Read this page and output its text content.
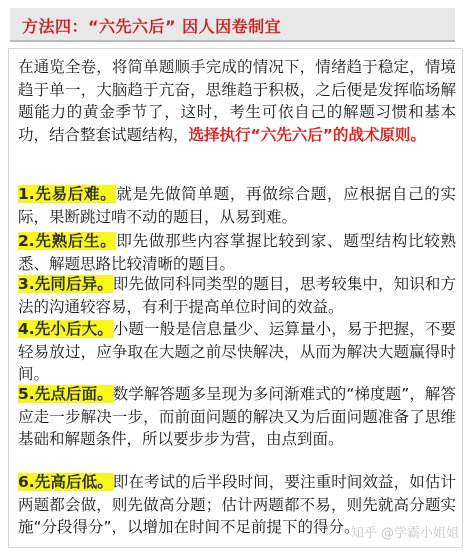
方法四：“六先六后” 因人因卷制宜
在通览全卷，将简单题顺手完成的情况下，情绪趋于稳定，情境趋于单一，大脑趋于亢奋，思维趋于积极，之后便是发挥临场解题能力的黄金季节了，这时，考生可依自己的解题习惯和基本功，结合整套试题结构，选择执行“六先六后”的战术原则。
1.先易后难。就是先做简单题，再做综合题，应根据自己的实际，果断跳过啃不动的题目，从易到难。
2.先熟后生。即先做那些内容掌握比较到家、题型结构比较熟悉、解题思路比较清晰的题目。
3.先同后异。即先做同科同类型的题目，思考较集中，知识和方法的沟通较容易，有利于提高单位时间的效益。
4.先小后大。小题一般是信息量少、运算量小，易于把握，不要轻易放过，应争取在大题之前尽快解决，从而为解决大题赢得时间。
5.先点后面。数学解答题多呈现为多问渐难式的“梯度题”，解答应走一步解决一步，而前面问题的解决又为后面问题准备了思维基础和解题条件，所以要步步为营，由点到面。
6.先高后低。即在考试的后半段时间，要注重时间效益，如估计两题都会做，则先做高分题；估计两题都不易，则先就高分题实施“分段得分”，以增加在时间不足前提下的得分。
知乎 @学霸小姐姐
